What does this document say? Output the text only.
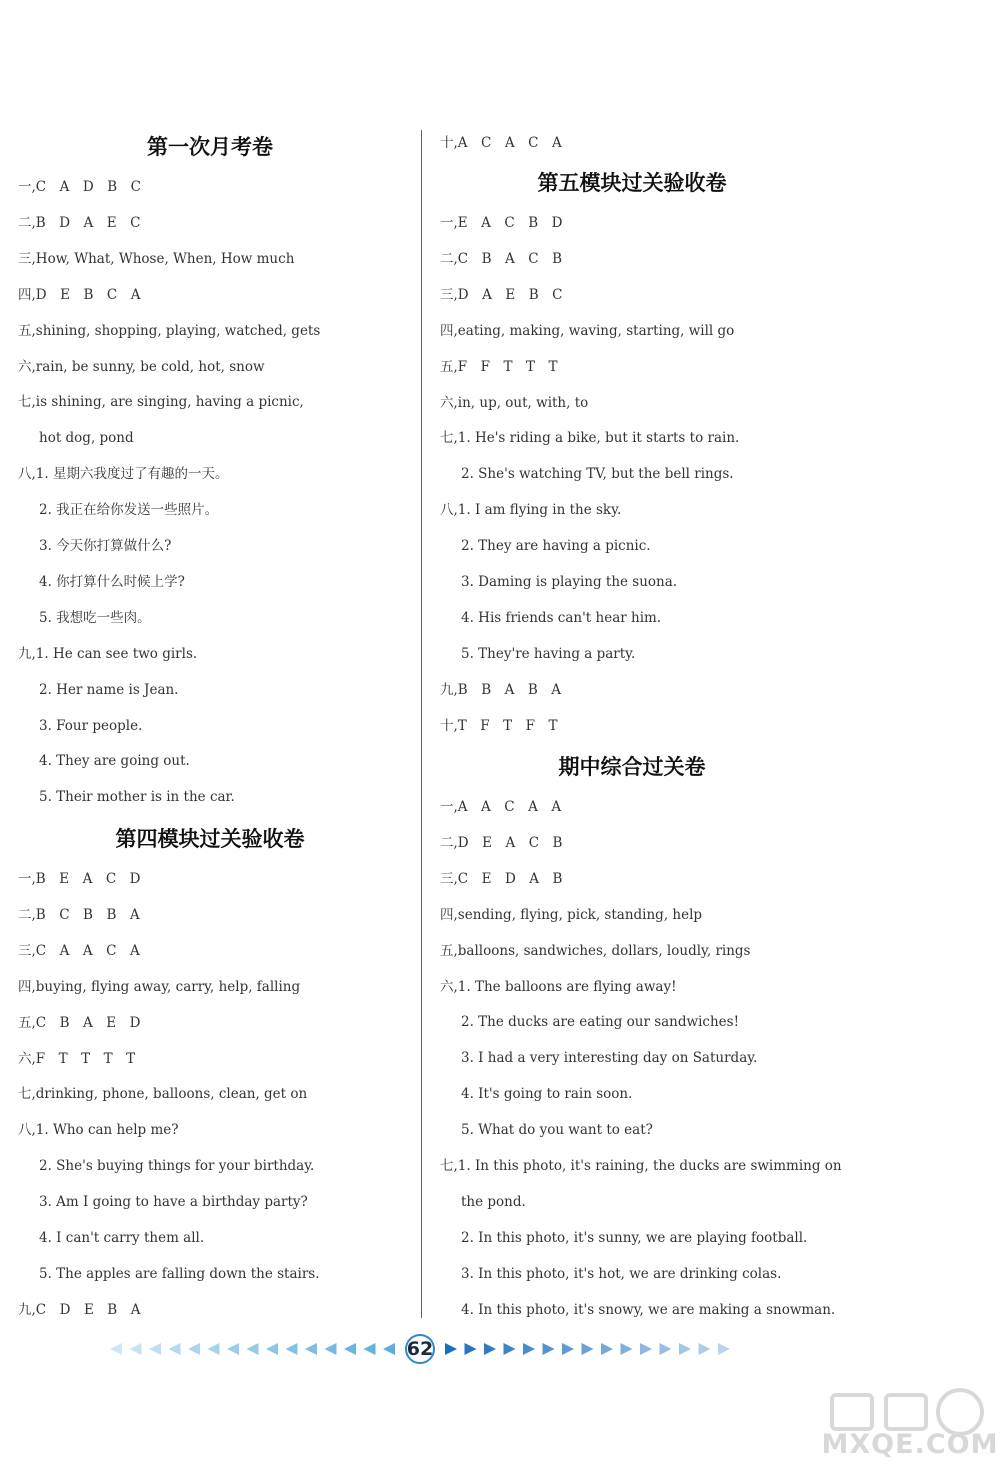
第一次月考卷
一,C　A　D　B　C
二,B　D　A　E　C
三,How, What, Whose, When, How much
四,D　E　B　C　A
五,shining, shopping, playing, watched, gets
六,rain, be sunny, be cold, hot, snow
七,is shining, are singing, having a picnic,
hot dog, pond
八,1. 星期六我度过了有趣的一天。
2. 我正在给你发送一些照片。
3. 今天你打算做什么?
4. 你打算什么时候上学?
5. 我想吃一些肉。
九,1. He can see two girls.
2. Her name is Jean.
3. Four people.
4. They are going out.
5. Their mother is in the car.
第四模块过关验收卷
一,B　E　A　C　D
二,B　C　B　B　A
三,C　A　A　C　A
四,buying, flying away, carry, help, falling
五,C　B　A　E　D
六,F　T　T　T　T
七,drinking, phone, balloons, clean, get on
八,1. Who can help me?
2. She's buying things for your birthday.
3. Am I going to have a birthday party?
4. I can't carry them all.
5. The apples are falling down the stairs.
九,C　D　E　B　A
第五模块过关验收卷
一,E　A　C　B　D
二,C　B　A　C　B
三,D　A　E　B　C
四,eating, making, waving, starting, will go
五,F　F　T　T　T
六,in, up, out, with, to
七,1. He's riding a bike, but it starts to rain.
2. She's watching TV, but the bell rings.
八,1. I am flying in the sky.
2. They are having a picnic.
3. Daming is playing the suona.
4. His friends can't hear him.
5. They're having a party.
九,B　B　A　B　A
十,T　F　T　F　T
期中综合过关卷
一,A　A　C　A　A
二,D　E　A　C　B
三,C　E　D　A　B
四,sending, flying, pick, standing, help
五,balloons, sandwiches, dollars, loudly, rings
六,1. The balloons are flying away!
2. The ducks are eating our sandwiches!
3. I had a very interesting day on Saturday.
4. It's going to rain soon.
5. What do you want to eat?
七,1. In this photo, it's raining, the ducks are swimming on
the pond.
2. In this photo, it's sunny, we are playing football.
3. In this photo, it's hot, we are drinking colas.
4. In this photo, it's snowy, we are making a snowman.
十,A　C　A　C　A
62
MXQE.COM
